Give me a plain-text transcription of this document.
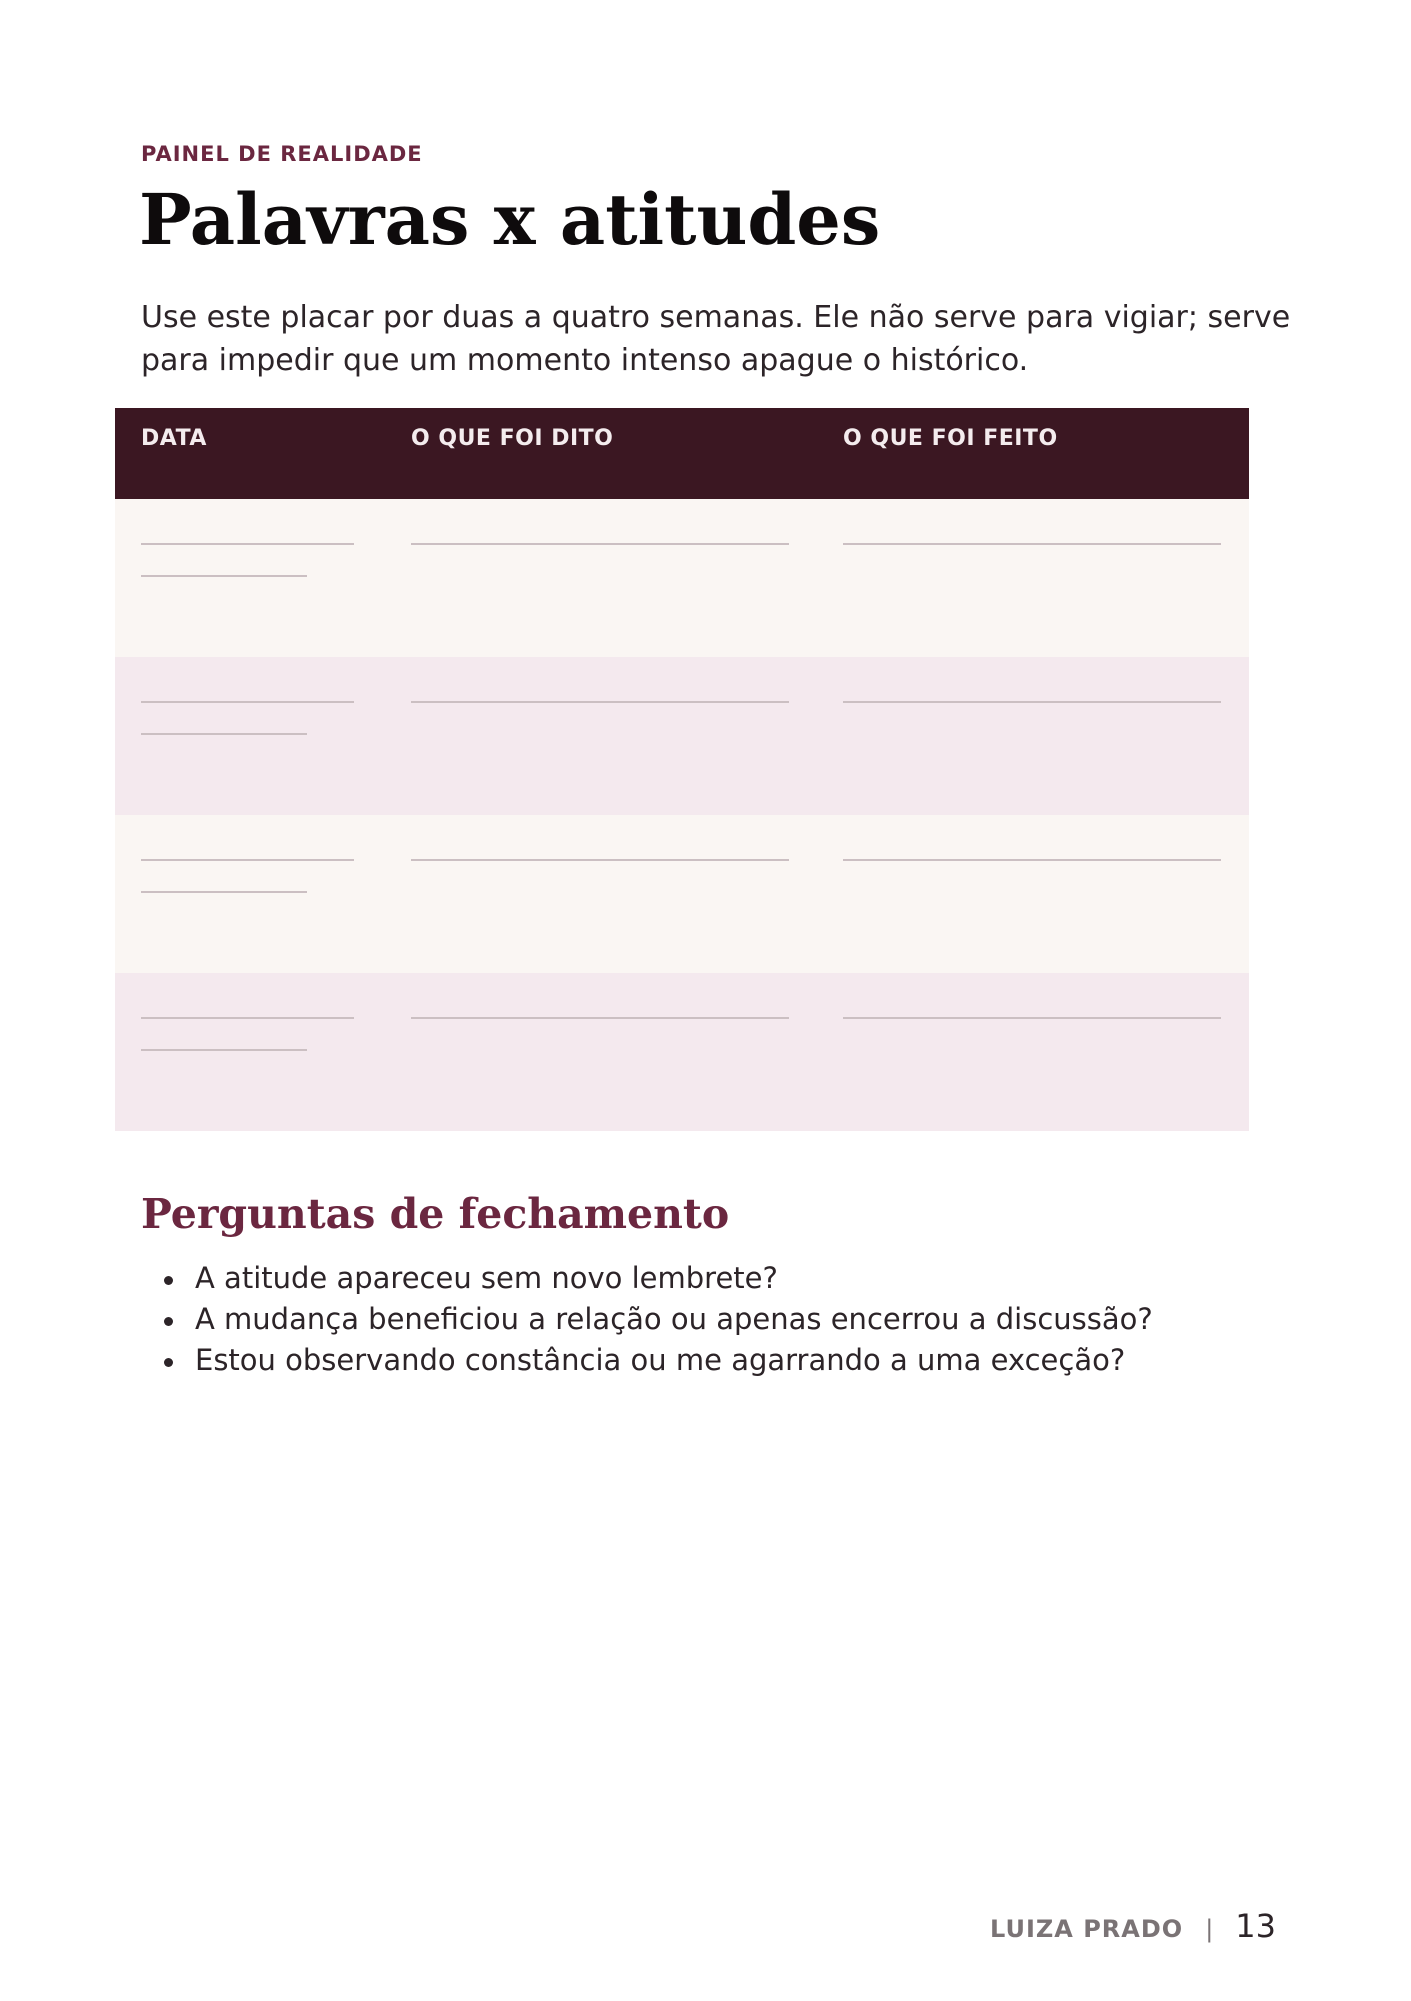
PAINEL DE REALIDADE
Palavras x atitudes

Use este placar por duas a quatro semanas. Ele não serve para vigiar; serve para impedir que um momento intenso apague o histórico.

DATA	O QUE FOI DITO	O QUE FOI FEITO
Perguntas de fechamento
A atitude apareceu sem novo lembrete?
A mudança beneficiou a relação ou apenas encerrou a discussão?
Estou observando constância ou me agarrando a uma exceção?
LUIZA PRADO | 13
